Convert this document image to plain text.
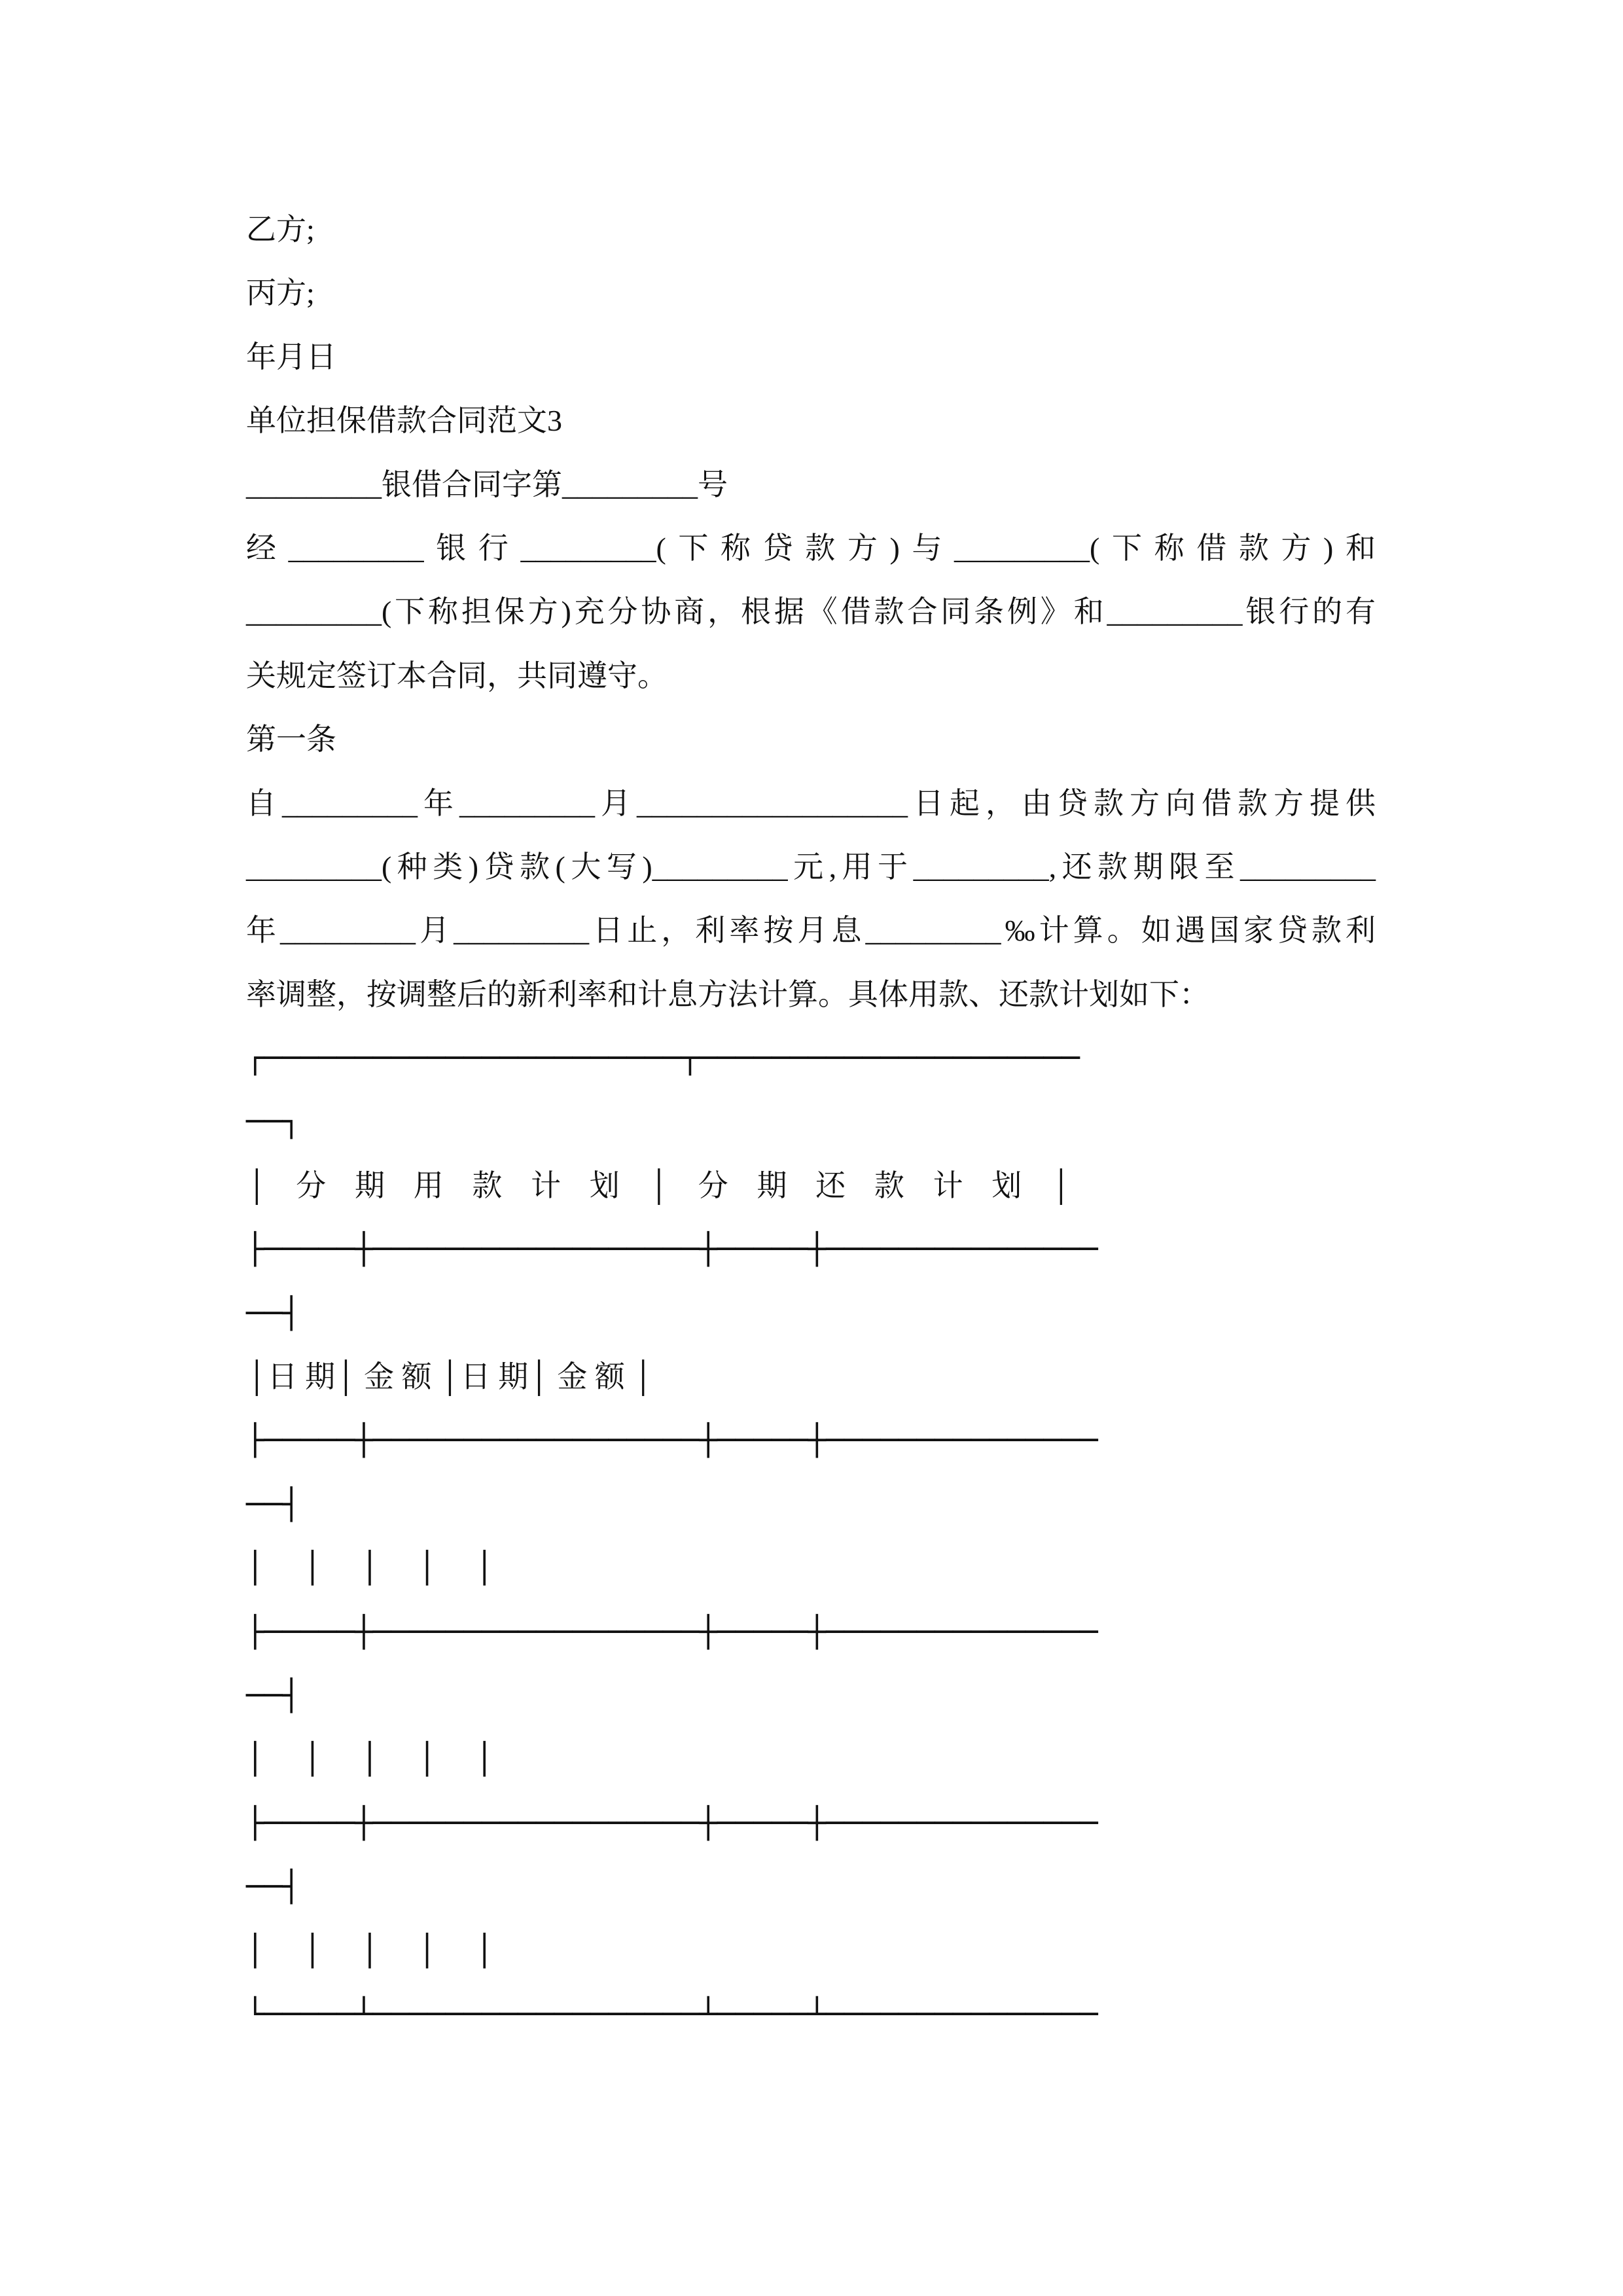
乙方;
丙方;
年月日
单位担保借款合同范文3
_________银借合同字第_________号
经_________银行_________(下称贷款方)与_________(下称借款方)和
_________(下称担保方)充分协商，根据《借款合同条例》和_________银行的有
关规定签订本合同，共同遵守。
第一条
自_________年_________月__________________日起，由贷款方向借款方提供
_________(种类)贷款(大写)_________元,用于_________,还款期限至_________
年_________月_________日止，利率按月息_________‰计算。如遇国家贷款利
率调整，按调整后的新利率和计息方法计算。具体用款、还款计划如下：
┌───────────────────────┬─────────────────────
──┐
│ 分 期 用 款 计 划 │ 分 期 还 款 计 划 │
├─────┼──────────────────┼─────┼───────────────
──┤
│日 期│ 金 额 │日 期│ 金 额 │
├─────┼──────────────────┼─────┼───────────────
──┤
│ │ │ │ │
├─────┼──────────────────┼─────┼───────────────
──┤
│ │ │ │ │
├─────┼──────────────────┼─────┼───────────────
──┤
│ │ │ │ │
└─────┴──────────────────┴─────┴───────────────
